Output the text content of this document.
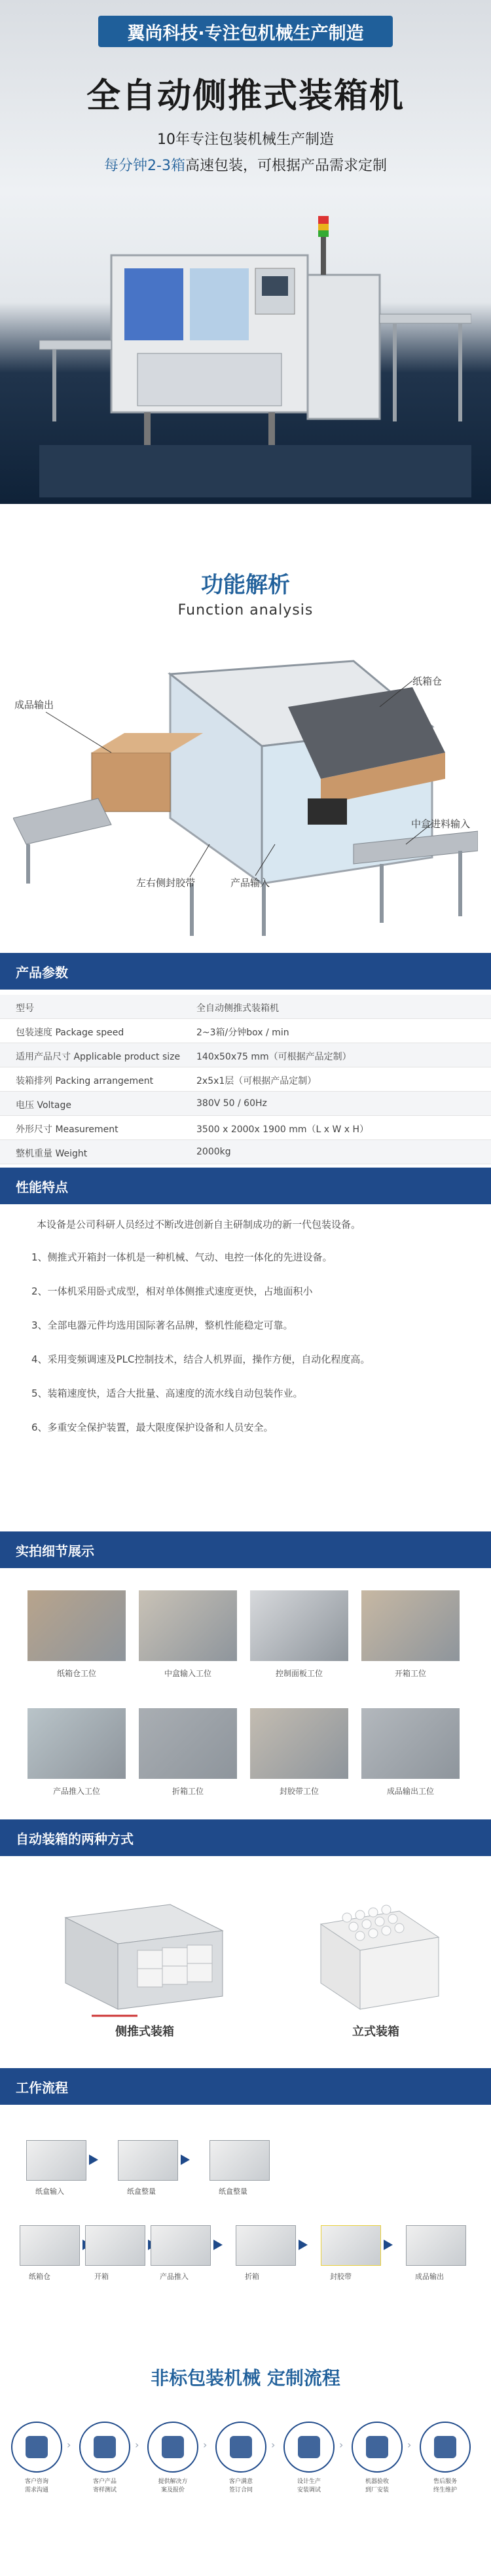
翼尚科技·专注包机械生产制造
全自动侧推式装箱机
10年专注包装机械生产制造
每分钟2-3箱高速包装，可根据产品需求定制
功能解析
Function analysis
成品输出
纸箱仓
中盒进料输入
左右侧封胶带	产品输入
产品参数
型号	全自动侧推式装箱机
包装速度 Package speed	2~3箱/分钟box / min
适用产品尺寸 Applicable product size 140x50x75 mm（可根据产品定制）
装箱排列 Packing arrangement	2x5x1层（可根据产品定制）
电压 Voltage	380V 50 / 60Hz
外形尺寸 Measurement	3500 x 2000x 1900 mm（L x W x H）
整机重量 Weight	2000kg
性能特点
本设备是公司科研人员经过不断改进创新自主研制成功的新一代包装设备。
1、侧推式开箱封一体机是一种机械、气动、电控一体化的先进设备。
2、一体机采用卧式成型，相对单体侧推式速度更快，占地面积小
3、全部电器元件均选用国际著名品牌，整机性能稳定可靠。
4、采用变频调速及PLC控制技术，结合人机界面，操作方便，自动化程度高。
5、装箱速度快，适合大批量、高速度的流水线自动包装作业。
6、多重安全保护装置，最大限度保护设备和人员安全。
实拍细节展示
纸箱仓工位	中盒输入工位	控制面板工位	开箱工位
产品推入工位	折箱工位	封胶带工位	成品输出工位
自动装箱的两种方式
侧推式装箱	立式装箱
工作流程
纸盒输入	纸盒整量	纸盒整量
纸箱仓	开箱	产品推入	折箱	封胶带	成品输出
非标包装机械 定制流程
客户咨询
需求沟通
›
客户产品
寄样测试
›
提供解决方
案及报价
›
客户满意
签订合同
›
设计生产
安装调试
›
机器验收
到厂安装
›
售后服务
终生维护
